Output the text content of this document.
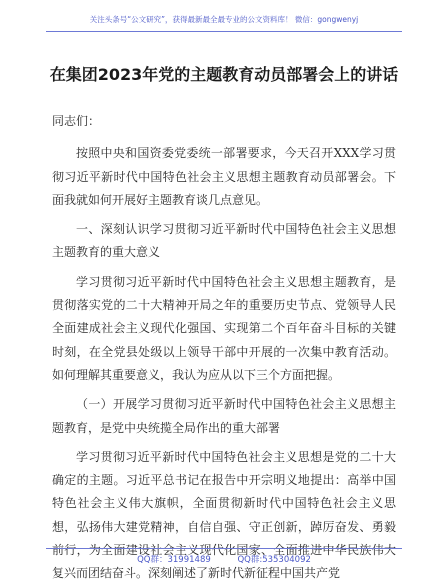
关注头条号“公文研究”，获得最新最全最专业的公文资料库！ 微信：gongwenyj
在集团2023年党的主题教育动员部署会上的讲话

同志们：

按照中央和国资委党委统一部署要求，今天召开XXX学习贯彻习近平新时代中国特色社会主义思想主题教育动员部署会。下面我就如何开展好主题教育谈几点意见。

一、深刻认识学习贯彻习近平新时代中国特色社会主义思想主题教育的重大意义

学习贯彻习近平新时代中国特色社会主义思想主题教育，是贯彻落实党的二十大精神开局之年的重要历史节点、党领导人民全面建成社会主义现代化强国、实现第二个百年奋斗目标的关键时刻，在全党县处级以上领导干部中开展的一次集中教育活动。如何理解其重要意义，我认为应从以下三个方面把握。

（一）开展学习贯彻习近平新时代中国特色社会主义思想主题教育，是党中央统揽全局作出的重大部署

学习贯彻习近平新时代中国特色社会主义思想是党的二十大确定的主题。习近平总书记在报告中开宗明义地提出：高举中国特色社会主义伟大旗帜，全面贯彻新时代中国特色社会主义思想，弘扬伟大建党精神，自信自强、守正创新，踔厉奋发、勇毅前行，为全面建设社会主义现代化国家、全面推进中华民族伟大复兴而团结奋斗。深刻阐述了新时代新征程中国共产党

QQ群：31991489	QQ群:535304092
